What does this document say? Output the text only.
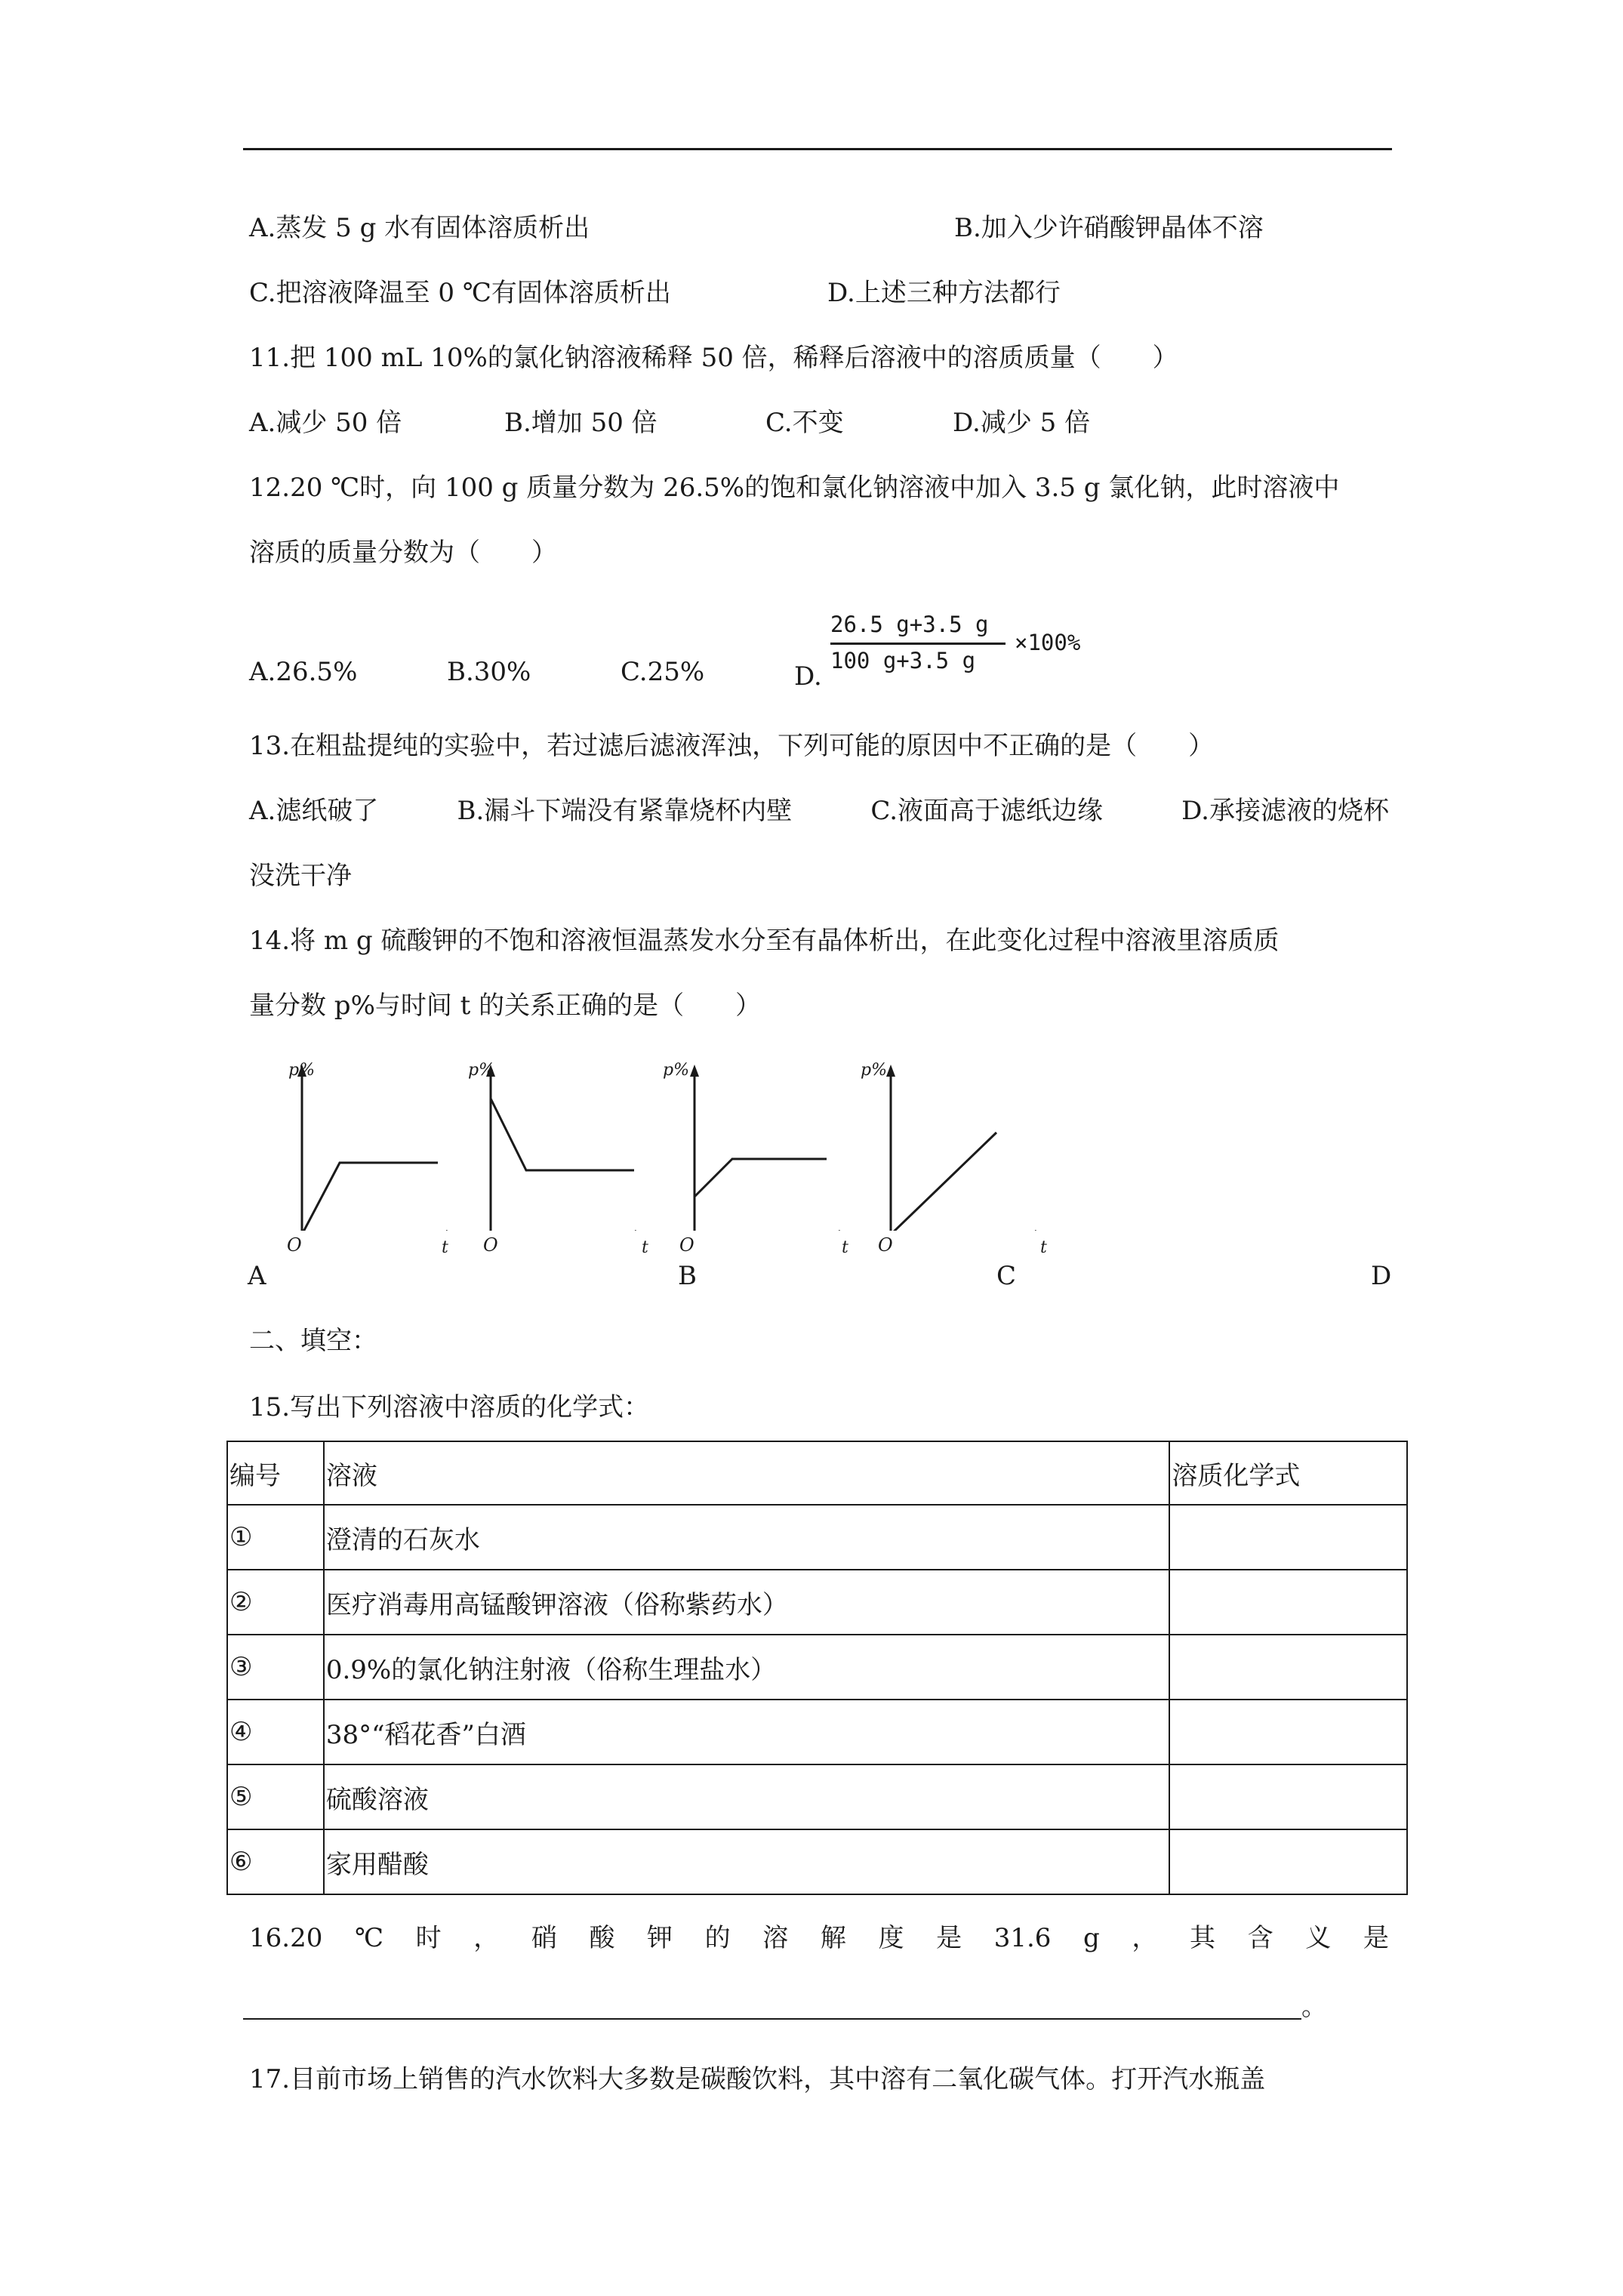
A.蒸发 5 g 水有固体溶质析出	B.加入少许硝酸钾晶体不溶
C.把溶液降温至 0 ℃有固体溶质析出	D.上述三种方法都行
11.把 100 mL 10%的氯化钠溶液稀释 50 倍，稀释后溶液中的溶质质量（　　）
A.减少 50 倍	B.增加 50 倍	C.不变	D.减少 5 倍
12.20 ℃时，向 100 g 质量分数为 26.5%的饱和氯化钠溶液中加入 3.5 g 氯化钠，此时溶液中
溶质的质量分数为（　　）
A.26.5%	B.30%	C.25%	D.
26.5 g+3.5 g
100 g+3.5 g
×100%
13.在粗盐提纯的实验中，若过滤后滤液浑浊，下列可能的原因中不正确的是（　　）
A.滤纸破了	B.漏斗下端没有紧靠烧杯内壁	C.液面高于滤纸边缘	D.承接滤液的烧杯
没洗干净
14.将 m g 硫酸钾的不饱和溶液恒温蒸发水分至有晶体析出，在此变化过程中溶液里溶质质
量分数 p%与时间 t 的关系正确的是（　　）
p%
O	t
p%
O	t
p%
O	t
p%
O	t
A	B	C	D
二、填空：
15.写出下列溶液中溶质的化学式：
编号	溶液	溶质化学式
①	澄清的石灰水	
②	医疗消毒用高锰酸钾溶液（俗称紫药水）	
③	0.9%的氯化钠注射液（俗称生理盐水）	
④	38°“稻花香”白酒	
⑤	硫酸溶液	
⑥	家用醋酸	
16.20 ℃ 时 ， 硝 酸 钾 的 溶 解 度 是 31.6 g ， 其 含 义 是
。
17.目前市场上销售的汽水饮料大多数是碳酸饮料，其中溶有二氧化碳气体。打开汽水瓶盖
